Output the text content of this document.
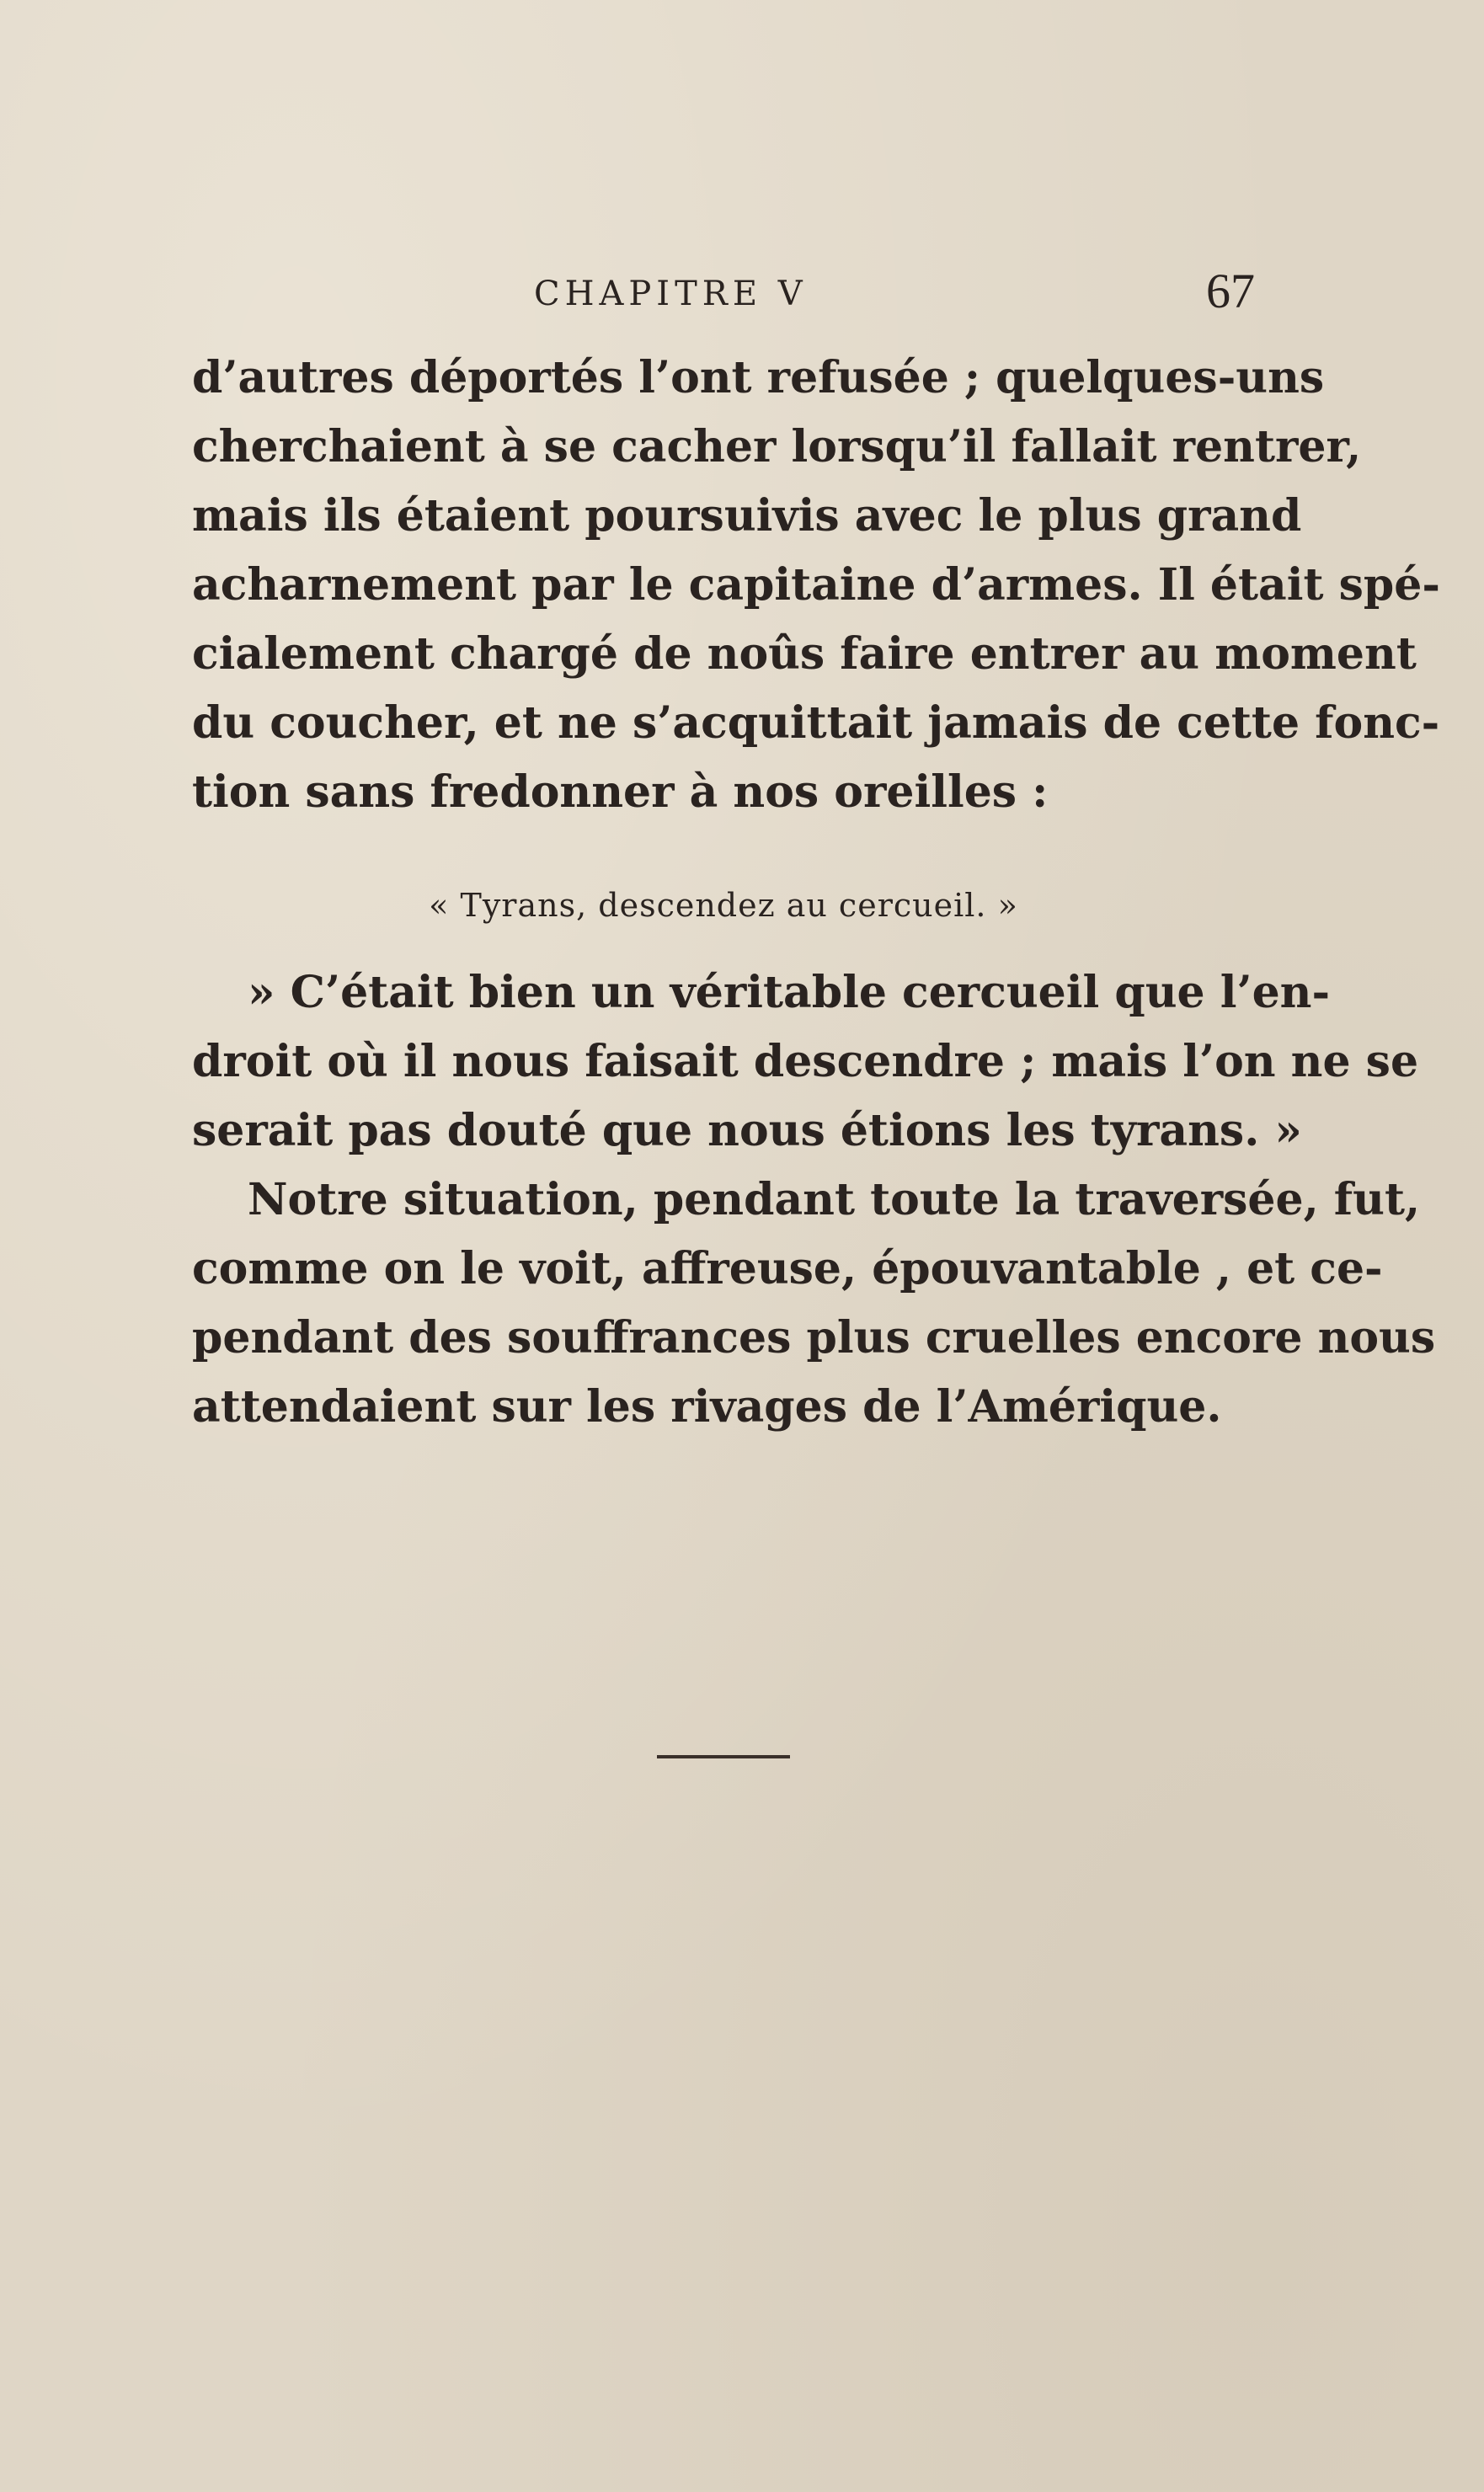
CHAPITRE V	67
d’autres déportés l’ont refusée ; quelques-uns
cherchaient à se cacher lorsqu’il fallait rentrer,
mais ils étaient poursuivis avec le plus grand
acharnement par le capitaine d’armes. Il était spé-
cialement chargé de noûs faire entrer au moment
du coucher, et ne s’acquittait jamais de cette fonc-
tion sans fredonner à nos oreilles :
« Tyrans, descendez au cercueil. »
» C’était bien un véritable cercueil que l’en-
droit où il nous faisait descendre ; mais l’on ne se
serait pas douté que nous étions les tyrans. »
Notre situation, pendant toute la traversée, fut,
comme on le voit, affreuse, épouvantable , et ce-
pendant des souffrances plus cruelles encore nous
attendaient sur les rivages de l’Amérique.
